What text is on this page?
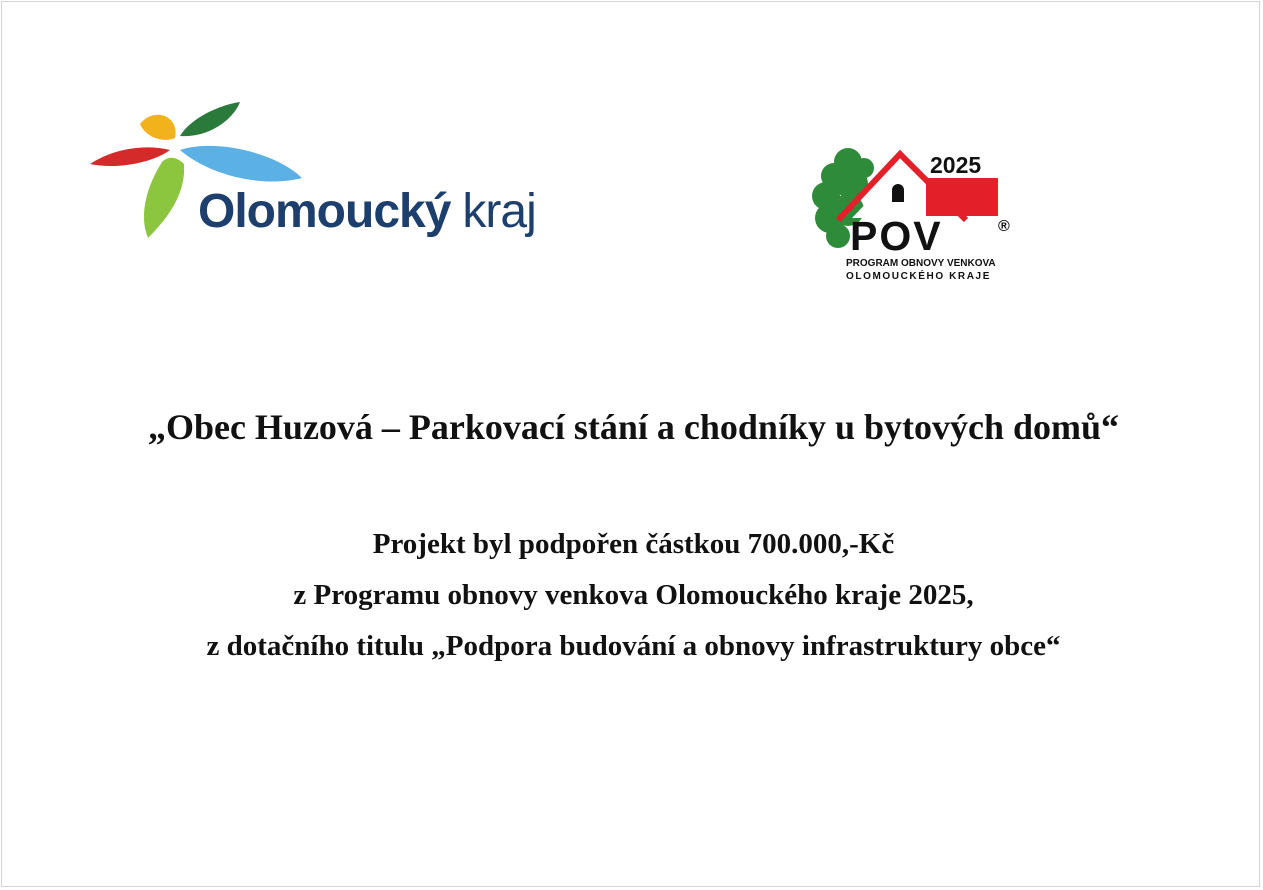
Olomoucký kraj
2025
POV	®
PROGRAM OBNOVY VENKOVA
OLOMOUCKÉHO KRAJE
„Obec Huzová – Parkovací stání a chodníky u bytových domů“
Projekt byl podpořen částkou 700.000,-Kč
z Programu obnovy venkova Olomouckého kraje 2025,
z dotačního titulu „Podpora budování a obnovy infrastruktury obce“
